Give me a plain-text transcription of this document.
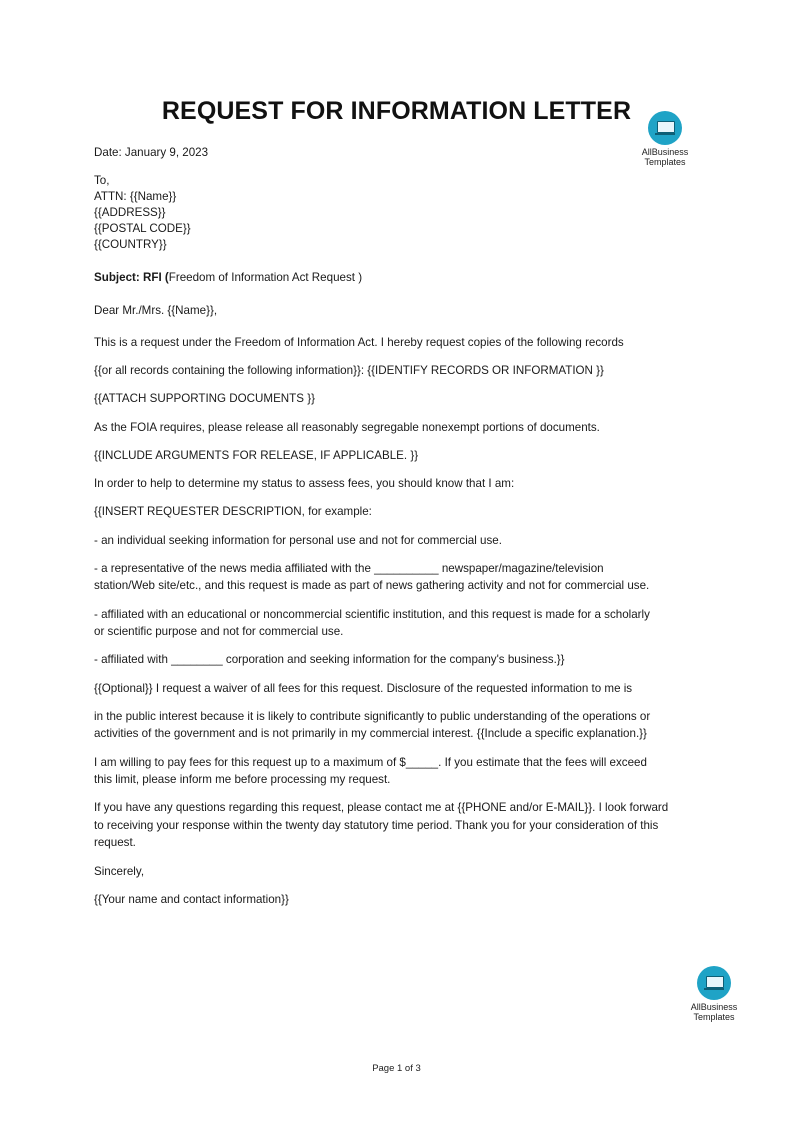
REQUEST FOR INFORMATION LETTER
AllBusiness
Templates
Date: January 9, 2023
To,
ATTN: {{Name}}
{{ADDRESS}}
{{POSTAL CODE}}
{{COUNTRY}}
Subject: RFI (Freedom of Information Act Request )
Dear Mr./Mrs. {{Name}},
This is a request under the Freedom of Information Act. I hereby request copies of the following records
{{or all records containing the following information}}: {{IDENTIFY RECORDS OR INFORMATION }}
{{ATTACH SUPPORTING DOCUMENTS }}
As the FOIA requires, please release all reasonably segregable nonexempt portions of documents.
{{INCLUDE ARGUMENTS FOR RELEASE, IF APPLICABLE. }}
In order to help to determine my status to assess fees, you should know that I am:
{{INSERT REQUESTER DESCRIPTION, for example:
- an individual seeking information for personal use and not for commercial use.
- a representative of the news media affiliated with the __________ newspaper/magazine/television
station/Web site/etc., and this request is made as part of news gathering activity and not for commercial use.
- affiliated with an educational or noncommercial scientific institution, and this request is made for a scholarly
or scientific purpose and not for commercial use.
- affiliated with ________ corporation and seeking information for the company's business.}}
{{Optional}} I request a waiver of all fees for this request. Disclosure of the requested information to me is
in the public interest because it is likely to contribute significantly to public understanding of the operations or
activities of the government and is not primarily in my commercial interest. {{Include a specific explanation.}}
I am willing to pay fees for this request up to a maximum of $_____. If you estimate that the fees will exceed
this limit, please inform me before processing my request.
If you have any questions regarding this request, please contact me at {{PHONE and/or E-MAIL}}. I look forward
to receiving your response within the twenty day statutory time period. Thank you for your consideration of this
request.
Sincerely,
{{Your name and contact information}}
AllBusiness
Templates
Page 1 of 3
